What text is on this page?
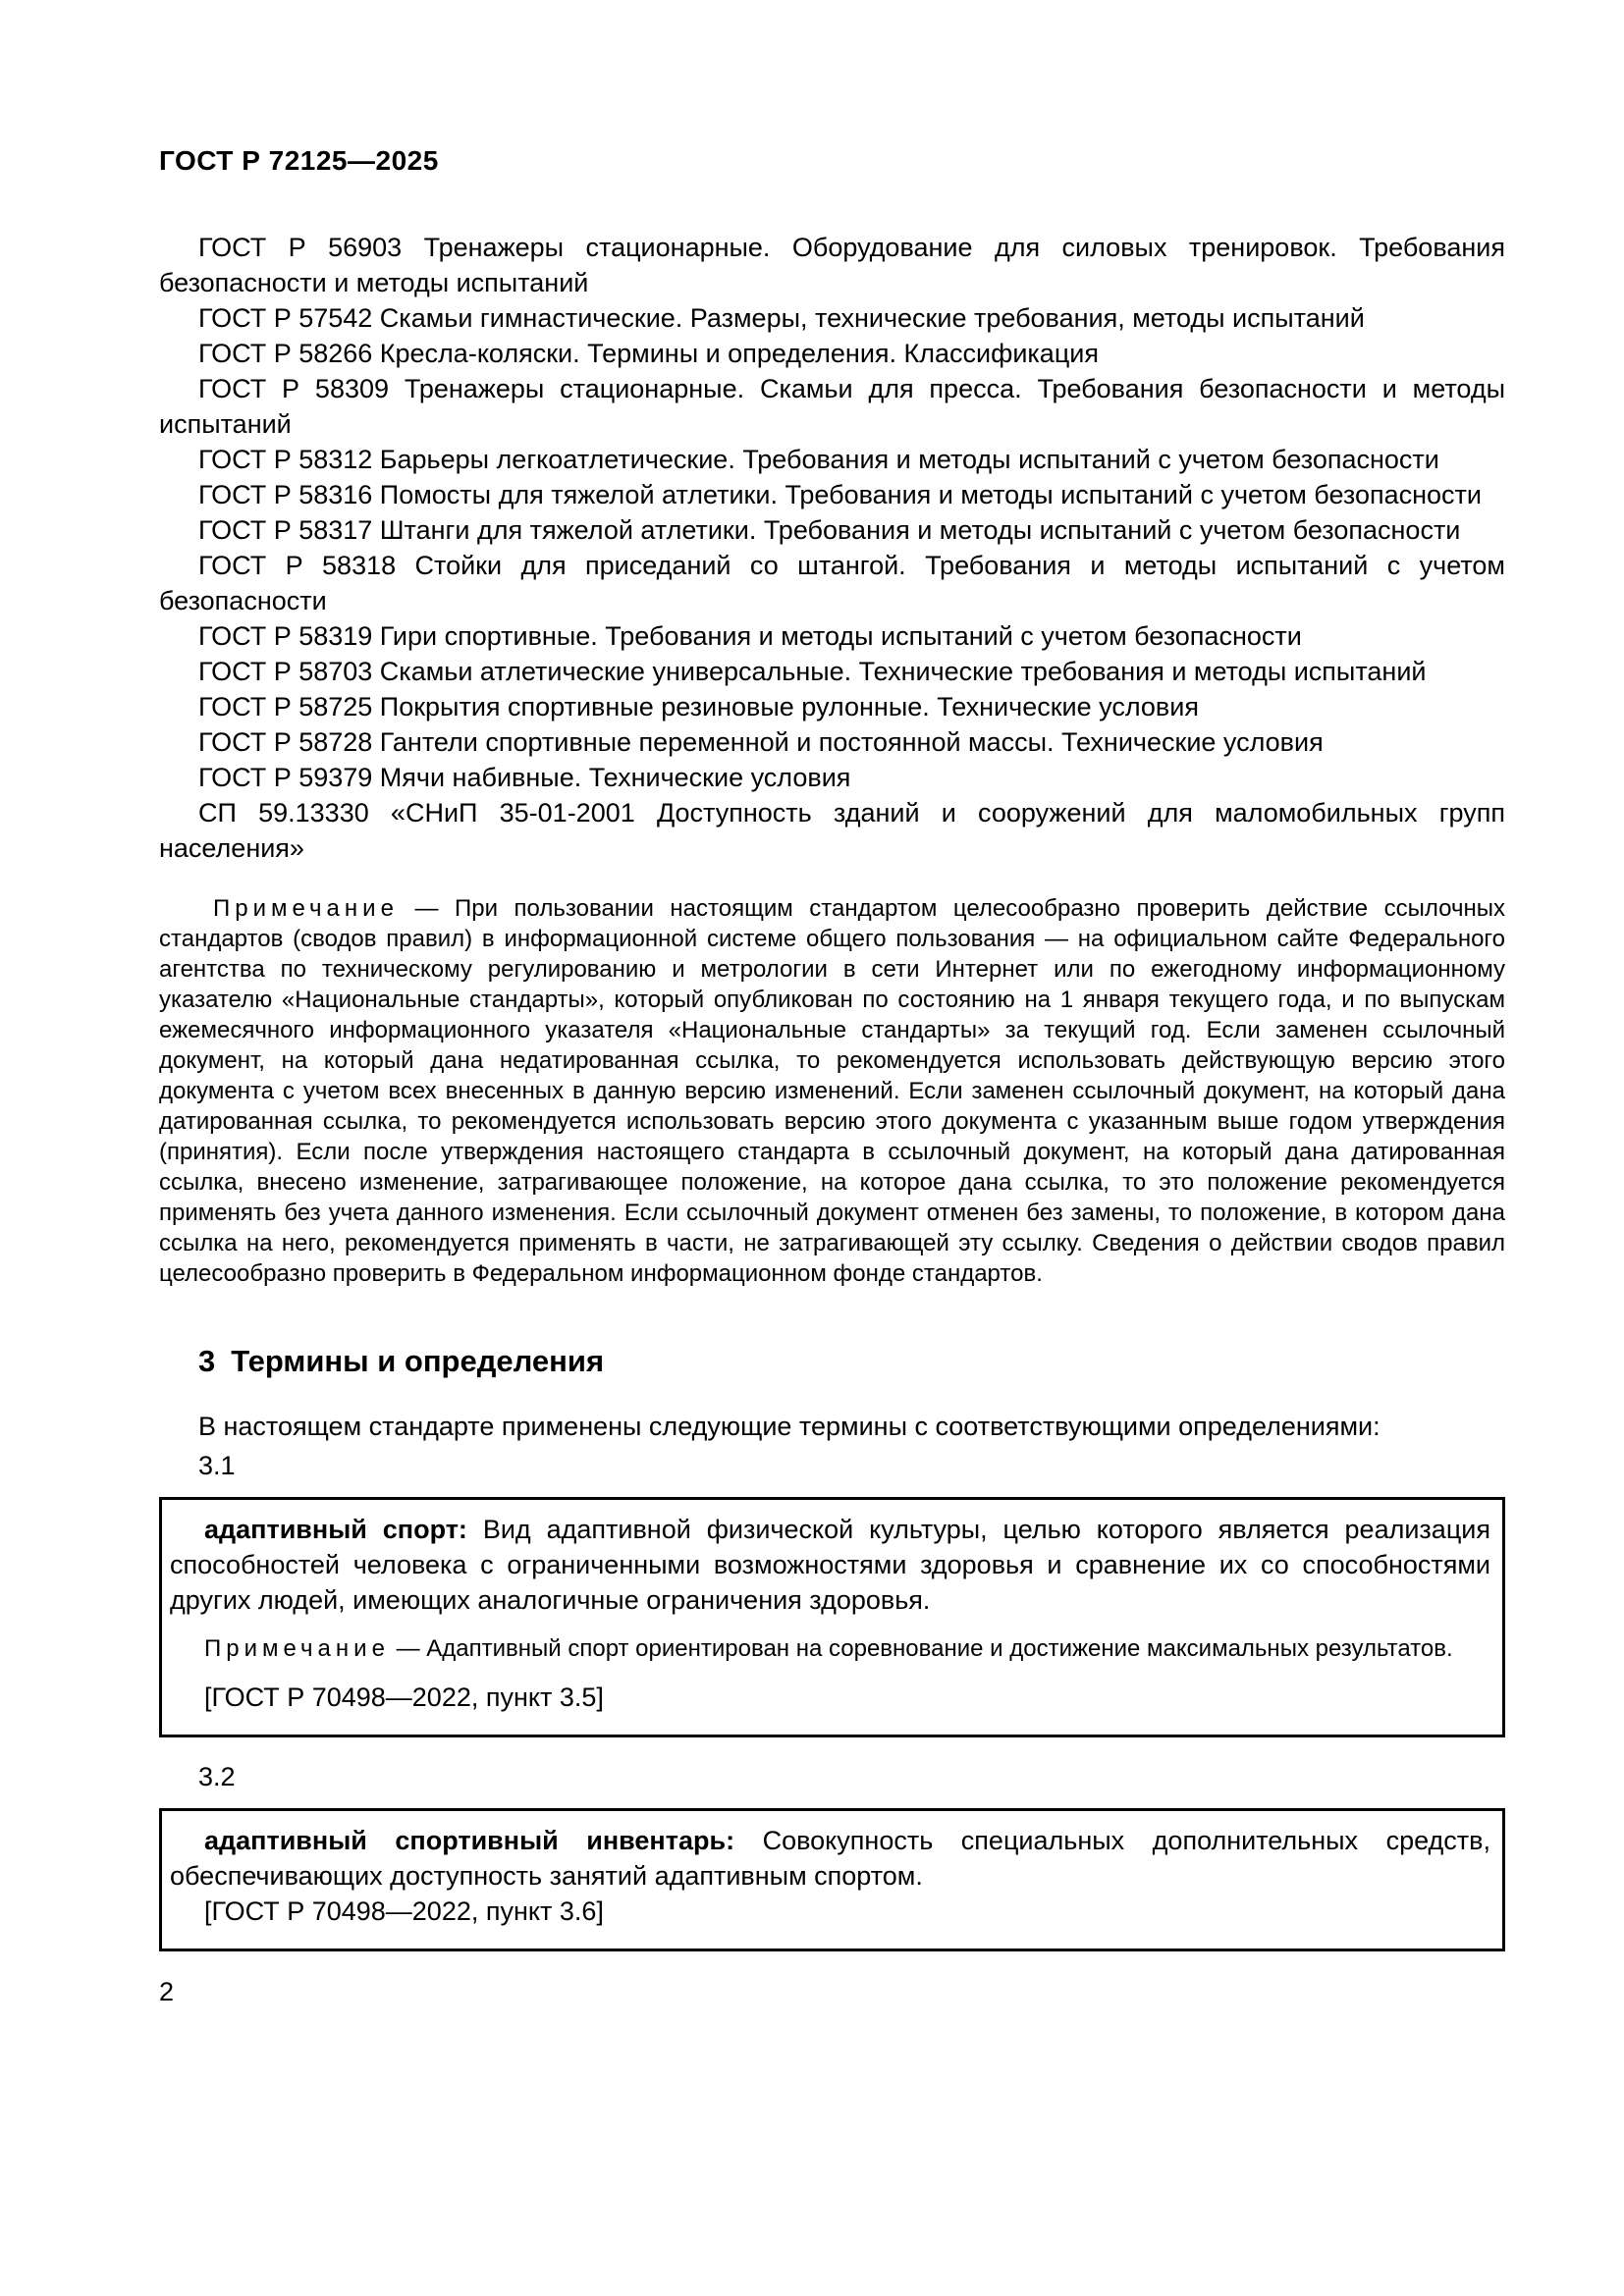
ГОСТ Р 72125—2025

ГОСТ Р 56903 Тренажеры стационарные. Оборудование для силовых тренировок. Требования безопасности и методы испытаний

ГОСТ Р 57542 Скамьи гимнастические. Размеры, технические требования, методы испытаний

ГОСТ Р 58266 Кресла-коляски. Термины и определения. Классификация

ГОСТ Р 58309 Тренажеры стационарные. Скамьи для пресса. Требования безопасности и методы испытаний

ГОСТ Р 58312 Барьеры легкоатлетические. Требования и методы испытаний с учетом безопасности

ГОСТ Р 58316 Помосты для тяжелой атлетики. Требования и методы испытаний с учетом безопасности

ГОСТ Р 58317 Штанги для тяжелой атлетики. Требования и методы испытаний с учетом безопасности

ГОСТ Р 58318 Стойки для приседаний со штангой. Требования и методы испытаний с учетом безопасности

ГОСТ Р 58319 Гири спортивные. Требования и методы испытаний с учетом безопасности

ГОСТ Р 58703 Скамьи атлетические универсальные. Технические требования и методы испытаний

ГОСТ Р 58725 Покрытия спортивные резиновые рулонные. Технические условия

ГОСТ Р 58728 Гантели спортивные переменной и постоянной массы. Технические условия

ГОСТ Р 59379 Мячи набивные. Технические условия

СП 59.13330 «СНиП 35-01-2001 Доступность зданий и сооружений для маломобильных групп населения»

Примечание — При пользовании настоящим стандартом целесообразно проверить действие ссылочных стандартов (сводов правил) в информационной системе общего пользования — на официальном сайте Федерального агентства по техническому регулированию и метрологии в сети Интернет или по ежегодному информационному указателю «Национальные стандарты», который опубликован по состоянию на 1 января текущего года, и по выпускам ежемесячного информационного указателя «Национальные стандарты» за текущий год. Если заменен ссылочный документ, на который дана недатированная ссылка, то рекомендуется использовать действующую версию этого документа с учетом всех внесенных в данную версию изменений. Если заменен ссылочный документ, на который дана датированная ссылка, то рекомендуется использовать версию этого документа с указанным выше годом утверждения (принятия). Если после утверждения настоящего стандарта в ссылочный документ, на который дана датированная ссылка, внесено изменение, затрагивающее положение, на которое дана ссылка, то это положение рекомендуется применять без учета данного изменения. Если ссылочный документ отменен без замены, то положение, в котором дана ссылка на него, рекомендуется применять в части, не затрагивающей эту ссылку. Сведения о действии сводов правил целесообразно проверить в Федеральном информационном фонде стандартов.

3 Термины и определения

В настоящем стандарте применены следующие термины с соответствующими определениями:

3.1

адаптивный спорт: Вид адаптивной физической культуры, целью которого является реализация способностей человека с ограниченными возможностями здоровья и сравнение их со способностями других людей, имеющих аналогичные ограничения здоровья.

Примечание — Адаптивный спорт ориентирован на соревнование и достижение максимальных результатов.

[ГОСТ Р 70498—2022, пункт 3.5]

3.2

адаптивный спортивный инвентарь: Совокупность специальных дополнительных средств, обеспечивающих доступность занятий адаптивным спортом.

[ГОСТ Р 70498—2022, пункт 3.6]

2
